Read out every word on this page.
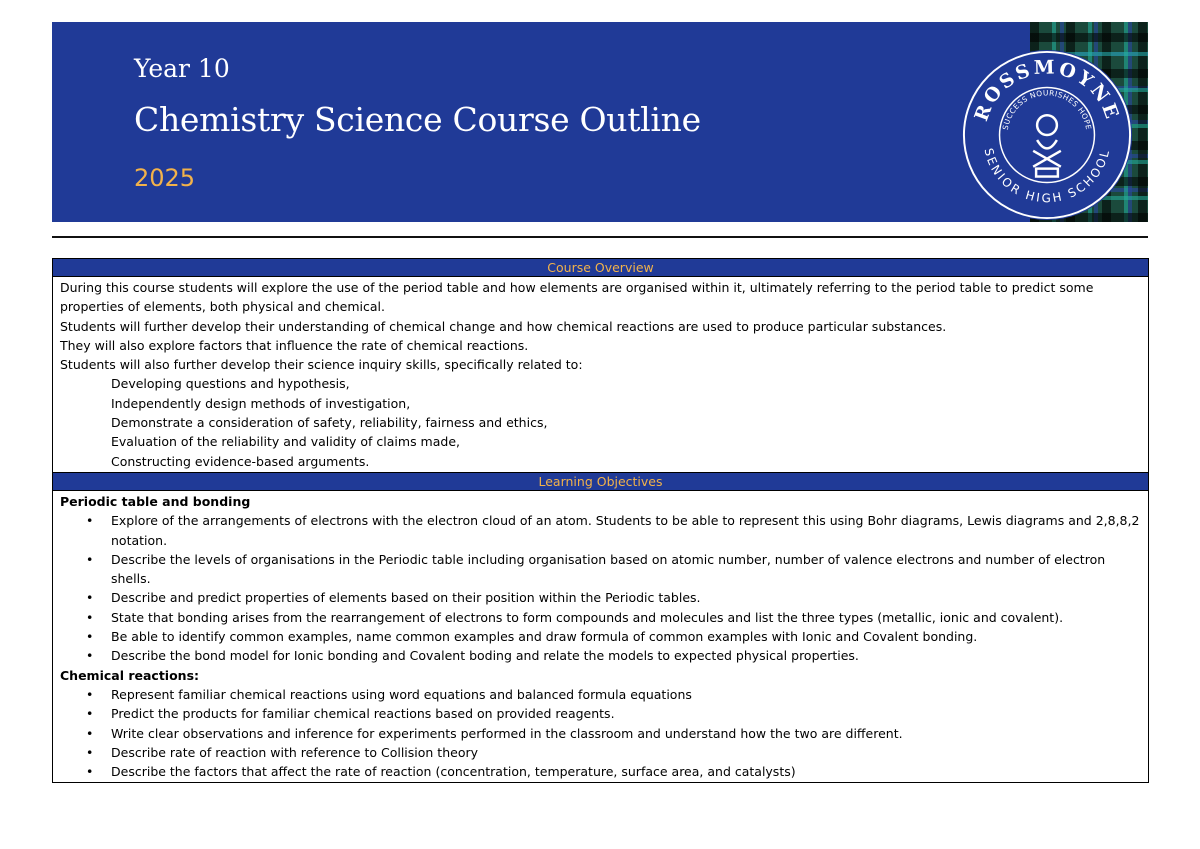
Year 10
Chemistry Science Course Outline
2025
ROSSMOYNE
SUCCESS NOURISHES HOPE
SENIOR HIGH SCHOOL
Course Overview

During this course students will explore the use of the period table and how elements are organised within it, ultimately referring to the period table to predict some properties of elements, both physical and chemical.

Students will further develop their understanding of chemical change and how chemical reactions are used to produce particular substances.

They will also explore factors that influence the rate of chemical reactions.

Students will also further develop their science inquiry skills, specifically related to:

Developing questions and hypothesis,

Independently design methods of investigation,

Demonstrate a consideration of safety, reliability, fairness and ethics,

Evaluation of the reliability and validity of claims made,

Constructing evidence-based arguments.

Learning Objectives

Periodic table and bonding

• Explore of the arrangements of electrons with the electron cloud of an atom. Students to be able to represent this using Bohr diagrams, Lewis diagrams and 2,8,8,2 notation.
• Describe the levels of organisations in the Periodic table including organisation based on atomic number, number of valence electrons and number of electron shells.
• Describe and predict properties of elements based on their position within the Periodic tables.
• State that bonding arises from the rearrangement of electrons to form compounds and molecules and list the three types (metallic, ionic and covalent).
• Be able to identify common examples, name common examples and draw formula of common examples with Ionic and Covalent bonding.
• Describe the bond model for Ionic bonding and Covalent boding and relate the models to expected physical properties.

Chemical reactions:

• Represent familiar chemical reactions using word equations and balanced formula equations
• Predict the products for familiar chemical reactions based on provided reagents.
• Write clear observations and inference for experiments performed in the classroom and understand how the two are different.
• Describe rate of reaction with reference to Collision theory
• Describe the factors that affect the rate of reaction (concentration, temperature, surface area, and catalysts)
